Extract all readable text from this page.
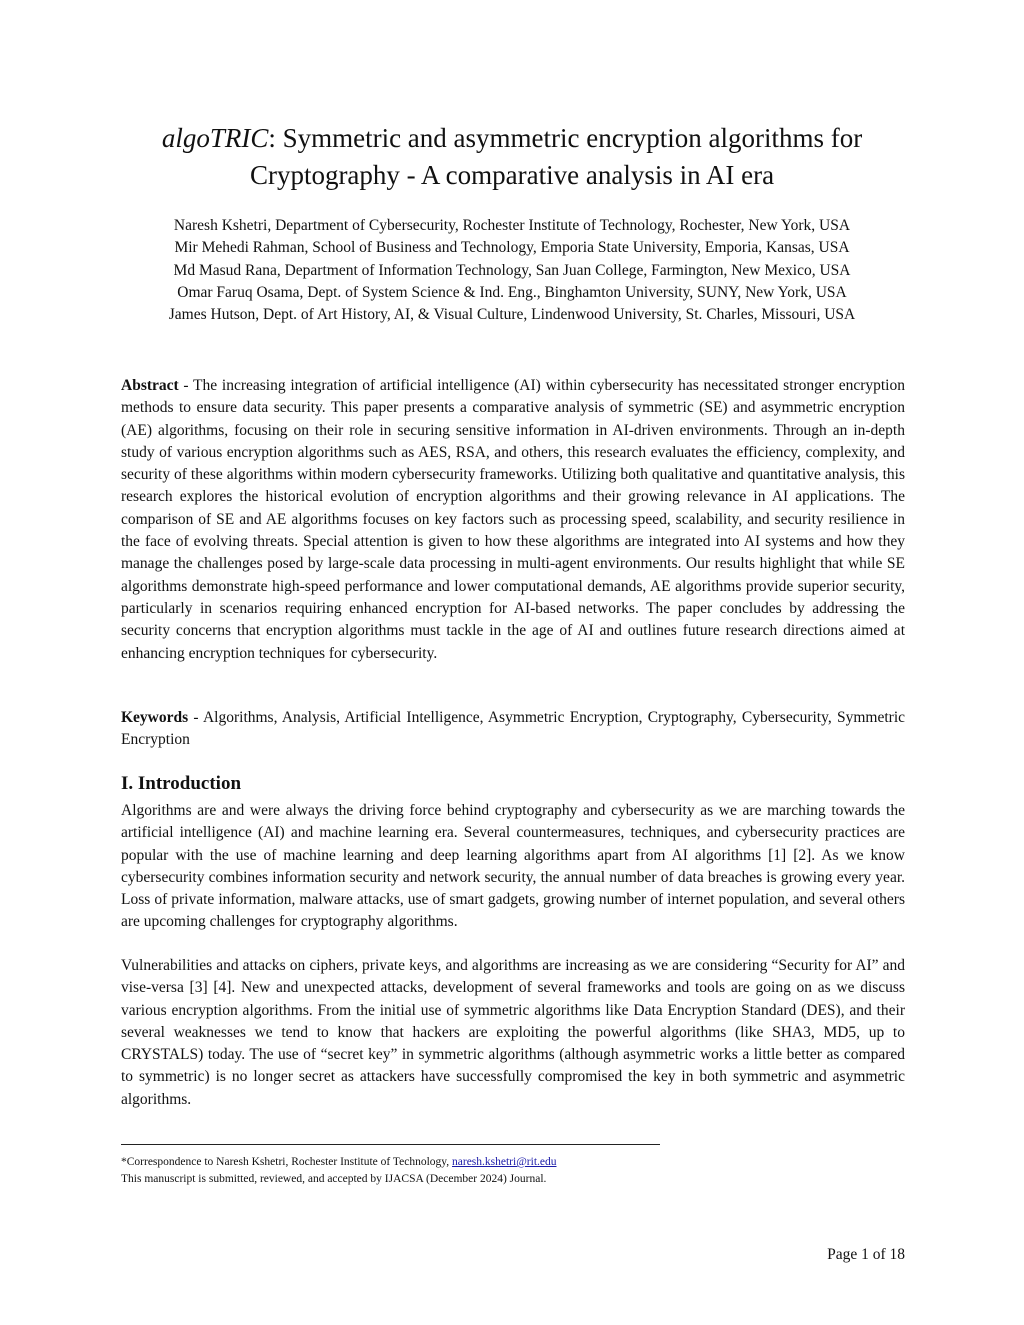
algoTRIC: Symmetric and asymmetric encryption algorithms for
Cryptography - A comparative analysis in AI era
Naresh Kshetri, Department of Cybersecurity, Rochester Institute of Technology, Rochester, New York, USA
Mir Mehedi Rahman, School of Business and Technology, Emporia State University, Emporia, Kansas, USA
Md Masud Rana, Department of Information Technology, San Juan College, Farmington, New Mexico, USA
Omar Faruq Osama, Dept. of System Science & Ind. Eng., Binghamton University, SUNY, New York, USA
James Hutson, Dept. of Art History, AI, & Visual Culture, Lindenwood University, St. Charles, Missouri, USA

Abstract - The increasing integration of artificial intelligence (AI) within cybersecurity has necessitated stronger encryption methods to ensure data security. This paper presents a comparative analysis of symmetric (SE) and asymmetric encryption (AE) algorithms, focusing on their role in securing sensitive information in AI-driven environments. Through an in-depth study of various encryption algorithms such as AES, RSA, and others, this research evaluates the efficiency, complexity, and security of these algorithms within modern cybersecurity frameworks. Utilizing both qualitative and quantitative analysis, this research explores the historical evolution of encryption algorithms and their growing relevance in AI applications. The comparison of SE and AE algorithms focuses on key factors such as processing speed, scalability, and security resilience in the face of evolving threats. Special attention is given to how these algorithms are integrated into AI systems and how they manage the challenges posed by large-scale data processing in multi-agent environments. Our results highlight that while SE algorithms demonstrate high-speed performance and lower computational demands, AE algorithms provide superior security, particularly in scenarios requiring enhanced encryption for AI-based networks. The paper concludes by addressing the security concerns that encryption algorithms must tackle in the age of AI and outlines future research directions aimed at enhancing encryption techniques for cybersecurity.

Keywords - Algorithms, Analysis, Artificial Intelligence, Asymmetric Encryption, Cryptography, Cybersecurity, Symmetric Encryption

I. Introduction

Algorithms are and were always the driving force behind cryptography and cybersecurity as we are marching towards the artificial intelligence (AI) and machine learning era. Several countermeasures, techniques, and cybersecurity practices are popular with the use of machine learning and deep learning algorithms apart from AI algorithms [1] [2]. As we know cybersecurity combines information security and network security, the annual number of data breaches is growing every year. Loss of private information, malware attacks, use of smart gadgets, growing number of internet population, and several others are upcoming challenges for cryptography algorithms.

Vulnerabilities and attacks on ciphers, private keys, and algorithms are increasing as we are considering “Security for AI” and vise-versa [3] [4]. New and unexpected attacks, development of several frameworks and tools are going on as we discuss various encryption algorithms. From the initial use of symmetric algorithms like Data Encryption Standard (DES), and their several weaknesses we tend to know that hackers are exploiting the powerful algorithms (like SHA3, MD5, up to CRYSTALS) today. The use of “secret key” in symmetric algorithms (although asymmetric works a little better as compared to symmetric) is no longer secret as attackers have successfully compromised the key in both symmetric and asymmetric algorithms.

*Correspondence to Naresh Kshetri, Rochester Institute of Technology, naresh.kshetri@rit.edu
This manuscript is submitted, reviewed, and accepted by IJACSA (December 2024) Journal.
Page 1 of 18
